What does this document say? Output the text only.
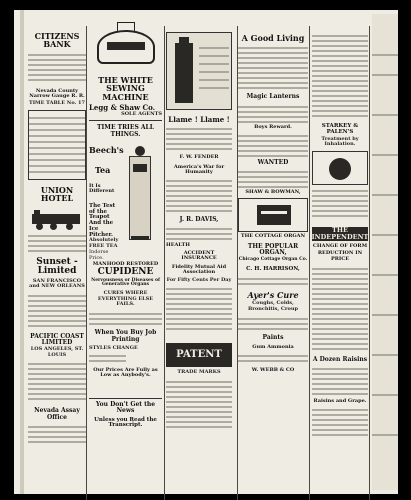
CITIZENS BANK
Nevada County Narrow Gauge R. R.
TIME TABLE No. 17
UNION HOTEL
Sunset - Limited
SAN FRANCISCO and NEW ORLEANS
PACIFIC COAST LIMITED
LOS ANGELES, ST. LOUIS
Nevada Assay Office
THE WHITE SEWING MACHINE
Legg & Shaw Co.
SOLE AGENTS
TIME TRIES ALL THINGS.
Beech's
Tea
It Is Different
The Test of the Teapot And the Ice Pitcher.
Absolutely FREE TEA
Indorse Price.
MANHOOD RESTORED
CUPIDENE
Nervousness or Diseases of Generative Organs
CURES WHERE EVERYTHING ELSE FAILS.
When You Buy Job Printing
STYLES CHANGE
Our Prices Are Fully as Low as Anybody's.
You Don't Get the News
Unless you Read the Transcript.
Llame ! Llame !
F. W. FENDER
America's War for Humanity
J. R. DAVIS,
HEALTH
ACCIDENT INSURANCE
Fidelity Mutual Aid Association
For Fifty Cents Per Day
PATENT
TRADE MARKS
A Good Living
Magic Lanterns
Boys Reward.
WANTED
SHAW & BOWMAN,
THE COTTAGE ORGAN
THE POPULAR ORGAN,
Chicago Cottage Organ Co.
C. H. HARRISON,
Ayer's Cure
Coughs, Colds, Bronchitis, Croup
Paints
Gum Ammonia
W. WEBB & CO
STARKEY & PALEN'S
Treatment by Inhalation.
THE INDEPENDENT
CHANGE OF FORM
REDUCTION IN PRICE
A Dozen Raisins
Raisins and Grape.
